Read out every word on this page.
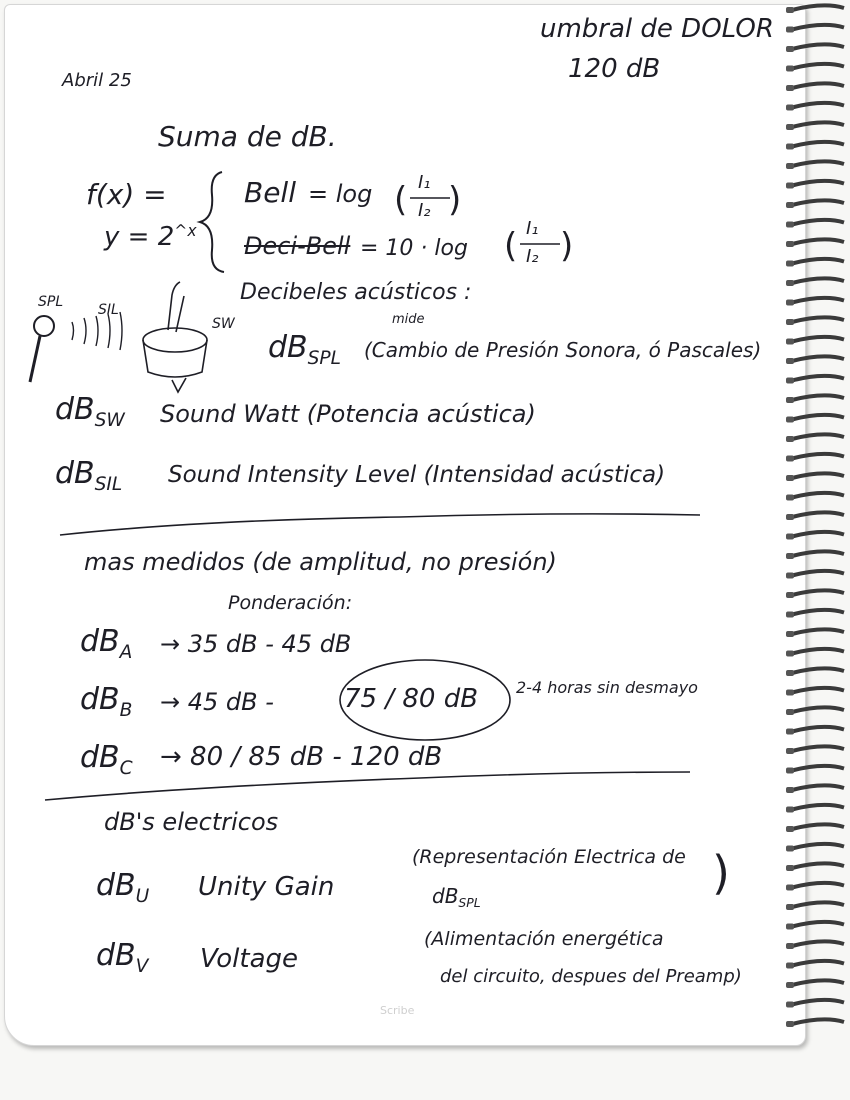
umbral de DOLOR
120 dB
Abril 25
Suma de dB.
f(x) =
$y = 2^{\^{}x}$
Bell = log ( I₁
I₂ )
Deci-Bell = 10 · log ( I₁
I₂ )
Decibeles acústicos :
SPL SIL
SW	mide
$dB_{SPL}$ (Cambio de Presión Sonora, ó Pascales)
$dB_{SW}$ Sound Watt (Potencia acústica)
$dB_{SIL}$ Sound Intensity Level (Intensidad acústica)
mas medidos (de amplitud, no presión)
Ponderación:
$dB_A \to 35$ dB - 45 dB
$dB_B \to 45$ dB -	75 / 80 dB 2-4 horas sin desmayo
$dB_C \to 80 / 85$ dB - 120 dB
dB's electricos
$dB_U$ Unity Gain
(Representación Electrica de
$dB_{SPL}$
)
$dB_V$ Voltage
(Alimentación energética
del circuito, despues del Preamp)
Scribe
